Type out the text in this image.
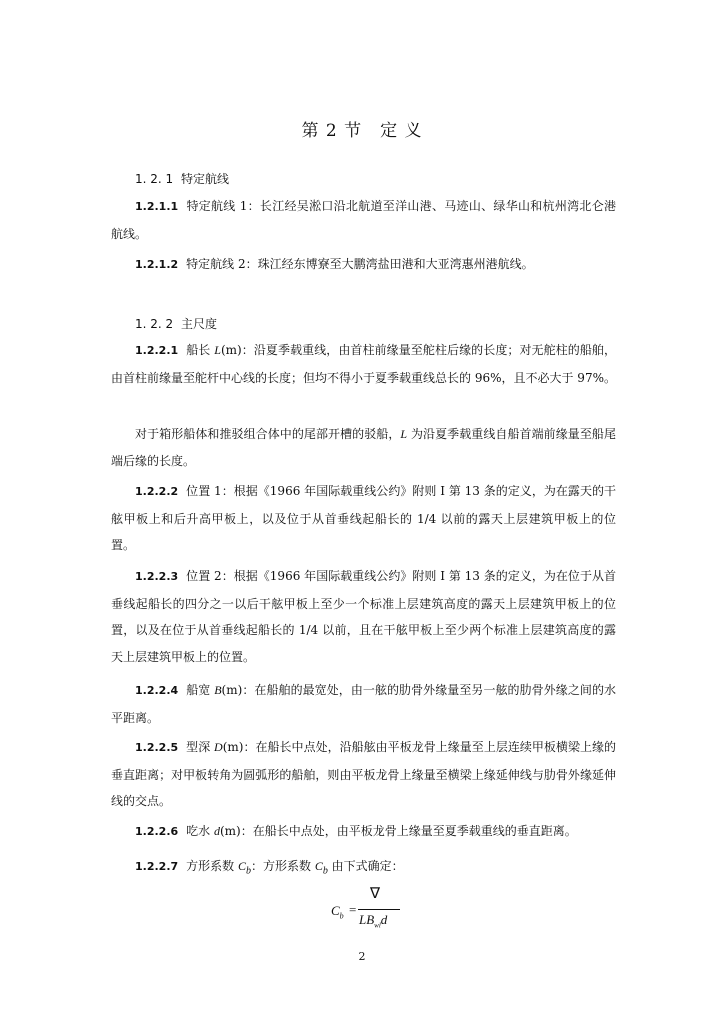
第 2 节 定 义
1. 2. 1 特定航线
1.2.1.1 特定航线 1：长江经吴淞口沿北航道至洋山港、马迹山、绿华山和杭州湾北仑港航线。
1.2.1.2 特定航线 2：珠江经东博寮至大鹏湾盐田港和大亚湾惠州港航线。
1. 2. 2 主尺度
1.2.2.1 船长 L(m)：沿夏季载重线，由首柱前缘量至舵柱后缘的长度；对无舵柱的船舶，由首柱前缘量至舵杆中心线的长度；但均不得小于夏季载重线总长的 96%，且不必大于 97%。
对于箱形船体和推驳组合体中的尾部开槽的驳船，L 为沿夏季载重线自船首端前缘量至船尾端后缘的长度。
1.2.2.2 位置 1：根据《1966 年国际载重线公约》附则 I 第 13 条的定义，为在露天的干舷甲板上和后升高甲板上，以及位于从首垂线起船长的 1/4 以前的露天上层建筑甲板上的位置。
1.2.2.3 位置 2：根据《1966 年国际载重线公约》附则 I 第 13 条的定义，为在位于从首垂线起船长的四分之一以后干舷甲板上至少一个标准上层建筑高度的露天上层建筑甲板上的位置，以及在位于从首垂线起船长的 1/4 以前，且在干舷甲板上至少两个标准上层建筑高度的露天上层建筑甲板上的位置。
1.2.2.4 船宽 B(m)：在船舶的最宽处，由一舷的肋骨外缘量至另一舷的肋骨外缘之间的水平距离。
1.2.2.5 型深 D(m)：在船长中点处，沿船舷由平板龙骨上缘量至上层连续甲板横梁上缘的垂直距离；对甲板转角为圆弧形的船舶，则由平板龙骨上缘量至横梁上缘延伸线与肋骨外缘延伸线的交点。
1.2.2.6 吃水 d(m)：在船长中点处，由平板龙骨上缘量至夏季载重线的垂直距离。
1.2.2.7 方形系数 $C_b$：方形系数 $C_b$ 由下式确定：
$C_b$ =
∇
$LB_{wl}d$
2
